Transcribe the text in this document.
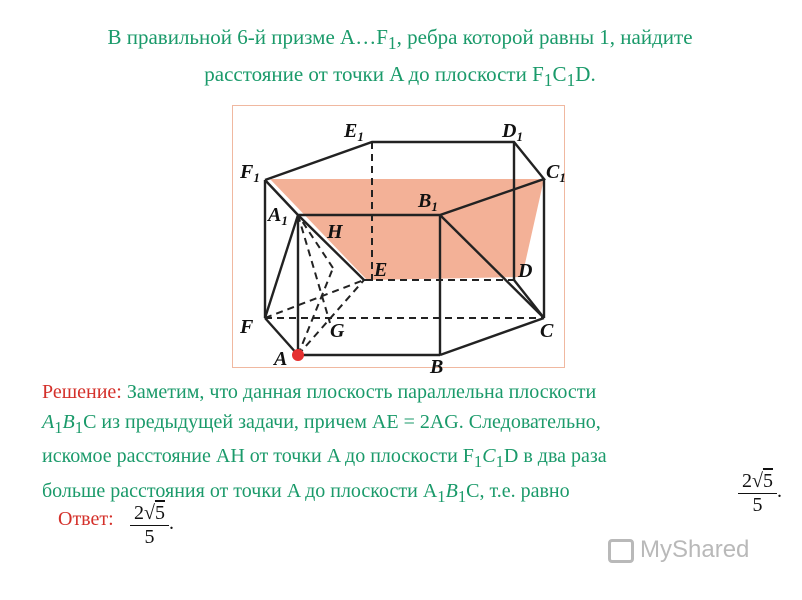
В правильной 6-й призме $A\dots F_1$, ребра которой равны 1, найдите
расстояние от точки A до плоскости $F_1C_1D$.
$E_1$	$D_1$
$F_1$	$C_1$
$B_1$
$A_1$
H
E	D
F	G	C
A	B
Решение: Заметим, что данная плоскость параллельна плоскости
$A_1B_1C$ из предыдущей задачи, причем AE = 2AG. Следовательно,
искомое расстояние AH от точки A до плоскости $F_1C_1D$ в два раза
больше расстояния от точки A до плоскости $A_1B_1C$, т.е. равно	$\frac{2√5}{5}$ .
Ответ: $\frac{2√5}{5}$ .
MyShared
